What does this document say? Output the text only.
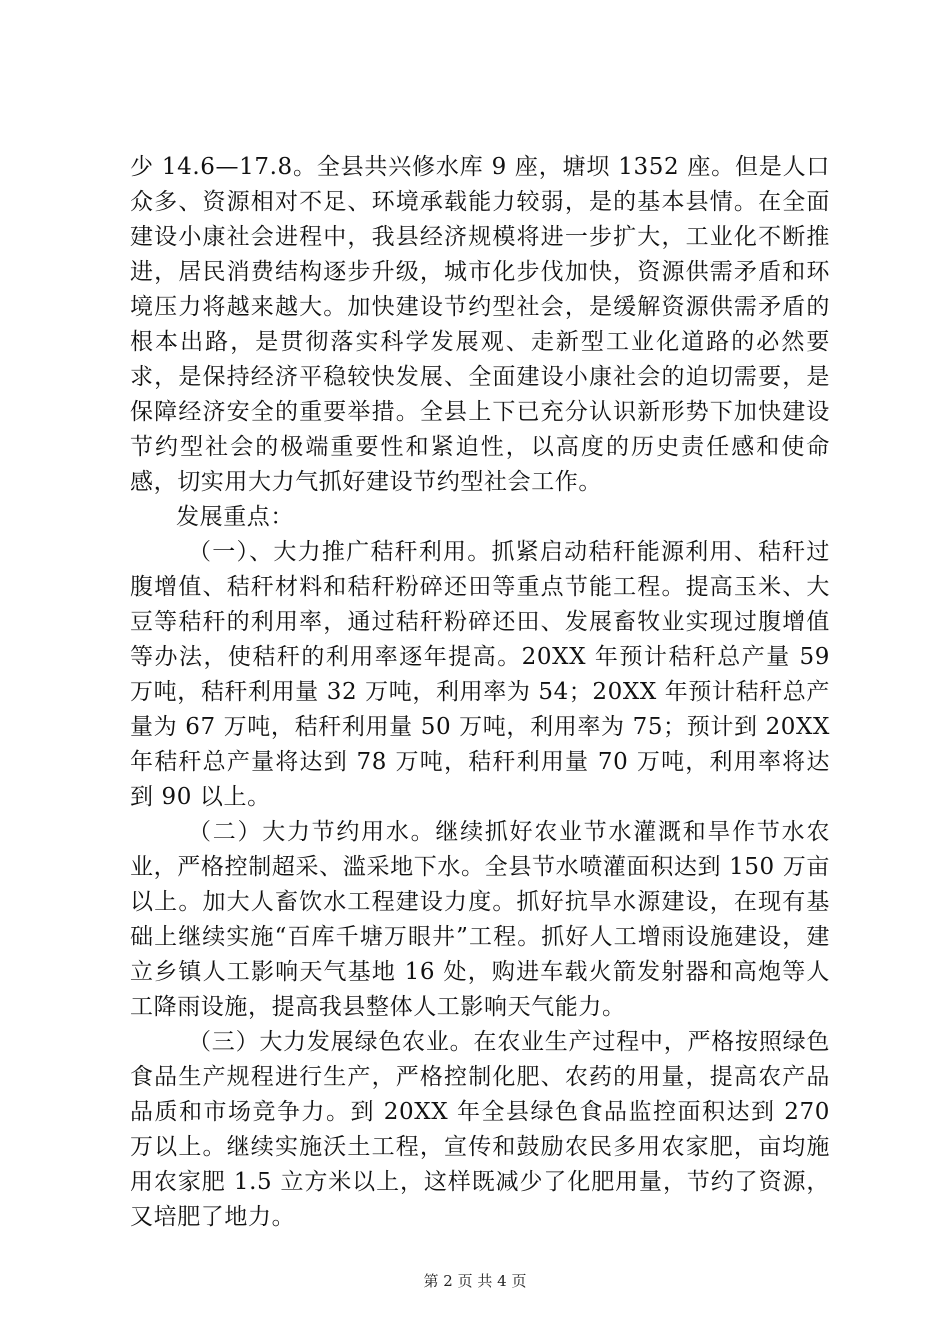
少 14.6—17.8。全县共兴修水库 9 座，塘坝 1352 座。但是人口众多、资源相对不足、环境承载能力较弱，是的基本县情。在全面建设小康社会进程中，我县经济规模将进一步扩大，工业化不断推进，居民消费结构逐步升级，城市化步伐加快，资源供需矛盾和环境压力将越来越大。加快建设节约型社会，是缓解资源供需矛盾的根本出路，是贯彻落实科学发展观、走新型工业化道路的必然要求，是保持经济平稳较快发展、全面建设小康社会的迫切需要，是保障经济安全的重要举措。全县上下已充分认识新形势下加快建设节约型社会的极端重要性和紧迫性，以高度的历史责任感和使命感，切实用大力气抓好建设节约型社会工作。

发展重点：

（一）、大力推广秸秆利用。抓紧启动秸秆能源利用、秸秆过腹增值、秸秆材料和秸秆粉碎还田等重点节能工程。提高玉米、大豆等秸秆的利用率，通过秸秆粉碎还田、发展畜牧业实现过腹增值等办法，使秸秆的利用率逐年提高。20XX 年预计秸秆总产量 59 万吨，秸秆利用量 32 万吨，利用率为 54；20XX 年预计秸秆总产量为 67 万吨，秸秆利用量 50 万吨，利用率为 75；预计到 20XX 年秸秆总产量将达到 78 万吨，秸秆利用量 70 万吨，利用率将达到 90 以上。

（二）大力节约用水。继续抓好农业节水灌溉和旱作节水农业，严格控制超采、滥采地下水。全县节水喷灌面积达到 150 万亩以上。加大人畜饮水工程建设力度。抓好抗旱水源建设，在现有基础上继续实施“百库千塘万眼井”工程。抓好人工增雨设施建设，建立乡镇人工影响天气基地 16 处，购进车载火箭发射器和高炮等人工降雨设施，提高我县整体人工影响天气能力。

（三）大力发展绿色农业。在农业生产过程中，严格按照绿色食品生产规程进行生产，严格控制化肥、农药的用量，提高农产品品质和市场竞争力。到 20XX 年全县绿色食品监控面积达到 270 万以上。继续实施沃土工程，宣传和鼓励农民多用农家肥，亩均施用农家肥 1.5 立方米以上，这样既减少了化肥用量，节约了资源，又培肥了地力。

第 2 页 共 4 页
